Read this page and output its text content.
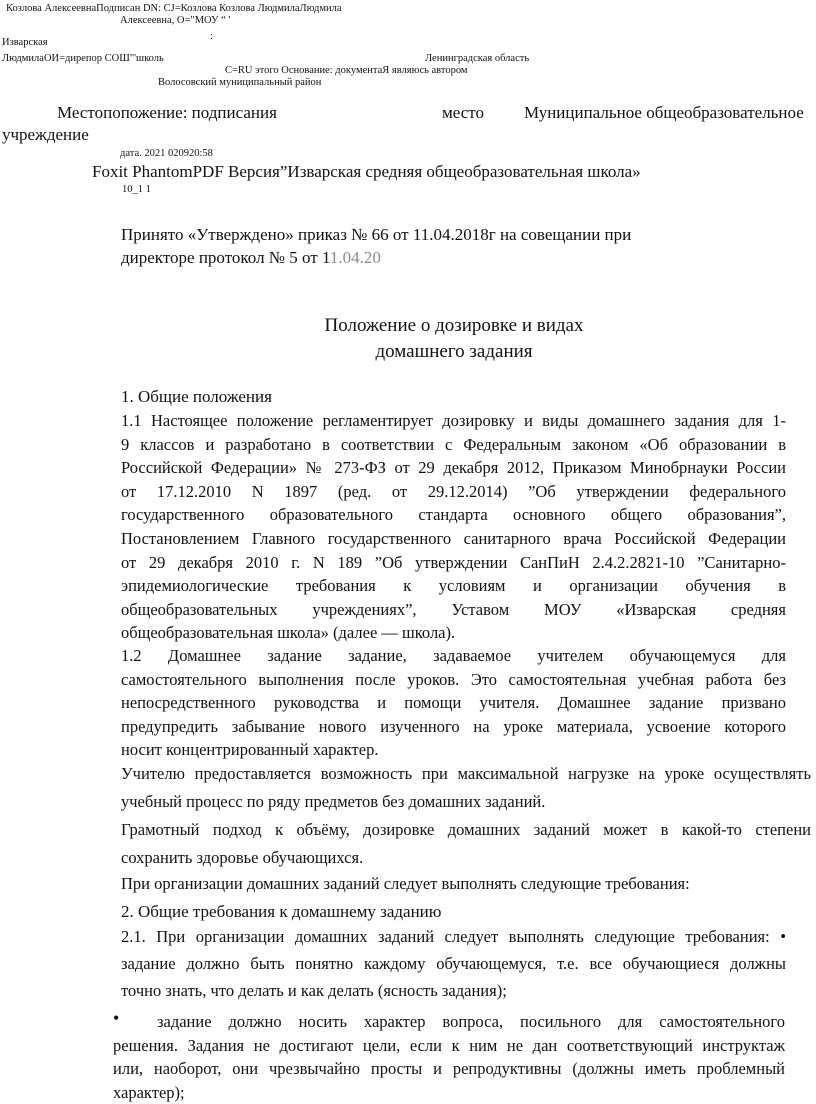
Козлова АлексеевнаПодписан DN: CJ=Козлова Козлова ЛюдмилаЛюдмила
Алексеевна, O="МОУ “ '
Изварская
:
ЛюдмилаОИ=дирепор СОШ"'школь	Ленинградская область
C=RU этого Основание: документаЯ являюсь автором
Волосовский муниципальный район
Местопопожение: подписания	место Муниципальное общеобразовательное
учреждение
дата. 2021 020920:58
Foxit PhantomPDF Версия”Изварская средняя общеобразовательная школа»
10_1 1
Принято «Утверждено» приказ № 66 от 11.04.2018г на совещании при
директоре протокол № 5 от 11.04.20
Положение о дозировке и видах
домашнего задания
1. Общие положения
1.1 Настоящее положение регламентирует дозировку и виды домашнего задания для 1-
9 классов и разработано в соответствии с Федеральным законом «Об образовании в
Российской Федерации» № 273-ФЗ от 29 декабря 2012, Приказом Минобрнауки России
от 17.12.2010 N 1897 (ред. от 29.12.2014) ”Об утверждении федерального
государственного образовательного стандарта основного общего образования”,
Постановлением Главного государственного санитарного врача Российской Федерации
от 29 декабря 2010 г. N 189 ”Об утверждении СанПиН 2.4.2.2821-10 ”Санитарно-
эпидемиологические требования к условиям и организации обучения в
общеобразовательных учреждениях”, Уставом МОУ «Изварская средняя
общеобразовательная школа» (далее — школа).
1.2 Домашнее задание задание, задаваемое учителем обучающемуся для
самостоятельного выполнения после уроков. Это самостоятельная учебная работа без
непосредственного руководства и помощи учителя. Домашнее задание призвано
предупредить забывание нового изученного на уроке материала, усвоение которого
носит концентрированный характер.
Учителю предоставляется возможность при максимальной нагрузке на уроке осуществлять
учебный процесс по ряду предметов без домашних заданий.
Грамотный подход к объёму, дозировке домашних заданий может в какой-то степени
сохранить здоровье обучающихся.
При организации домашних заданий следует выполнять следующие требования:
2. Общие требования к домашнему заданию
2.1. При организации домашних заданий следует выполнять следующие требования: •
задание должно быть понятно каждому обучающемуся, т.е. все обучающиеся должны
точно знать, что делать и как делать (ясность задания);
• задание должно носить характер вопроса, посильного для самостоятельного
решения. Задания не достигают цели, если к ним не дан соответствующий инструктаж
или, наоборот, они чрезвычайно просты и репродуктивны (должны иметь проблемный
характер);
